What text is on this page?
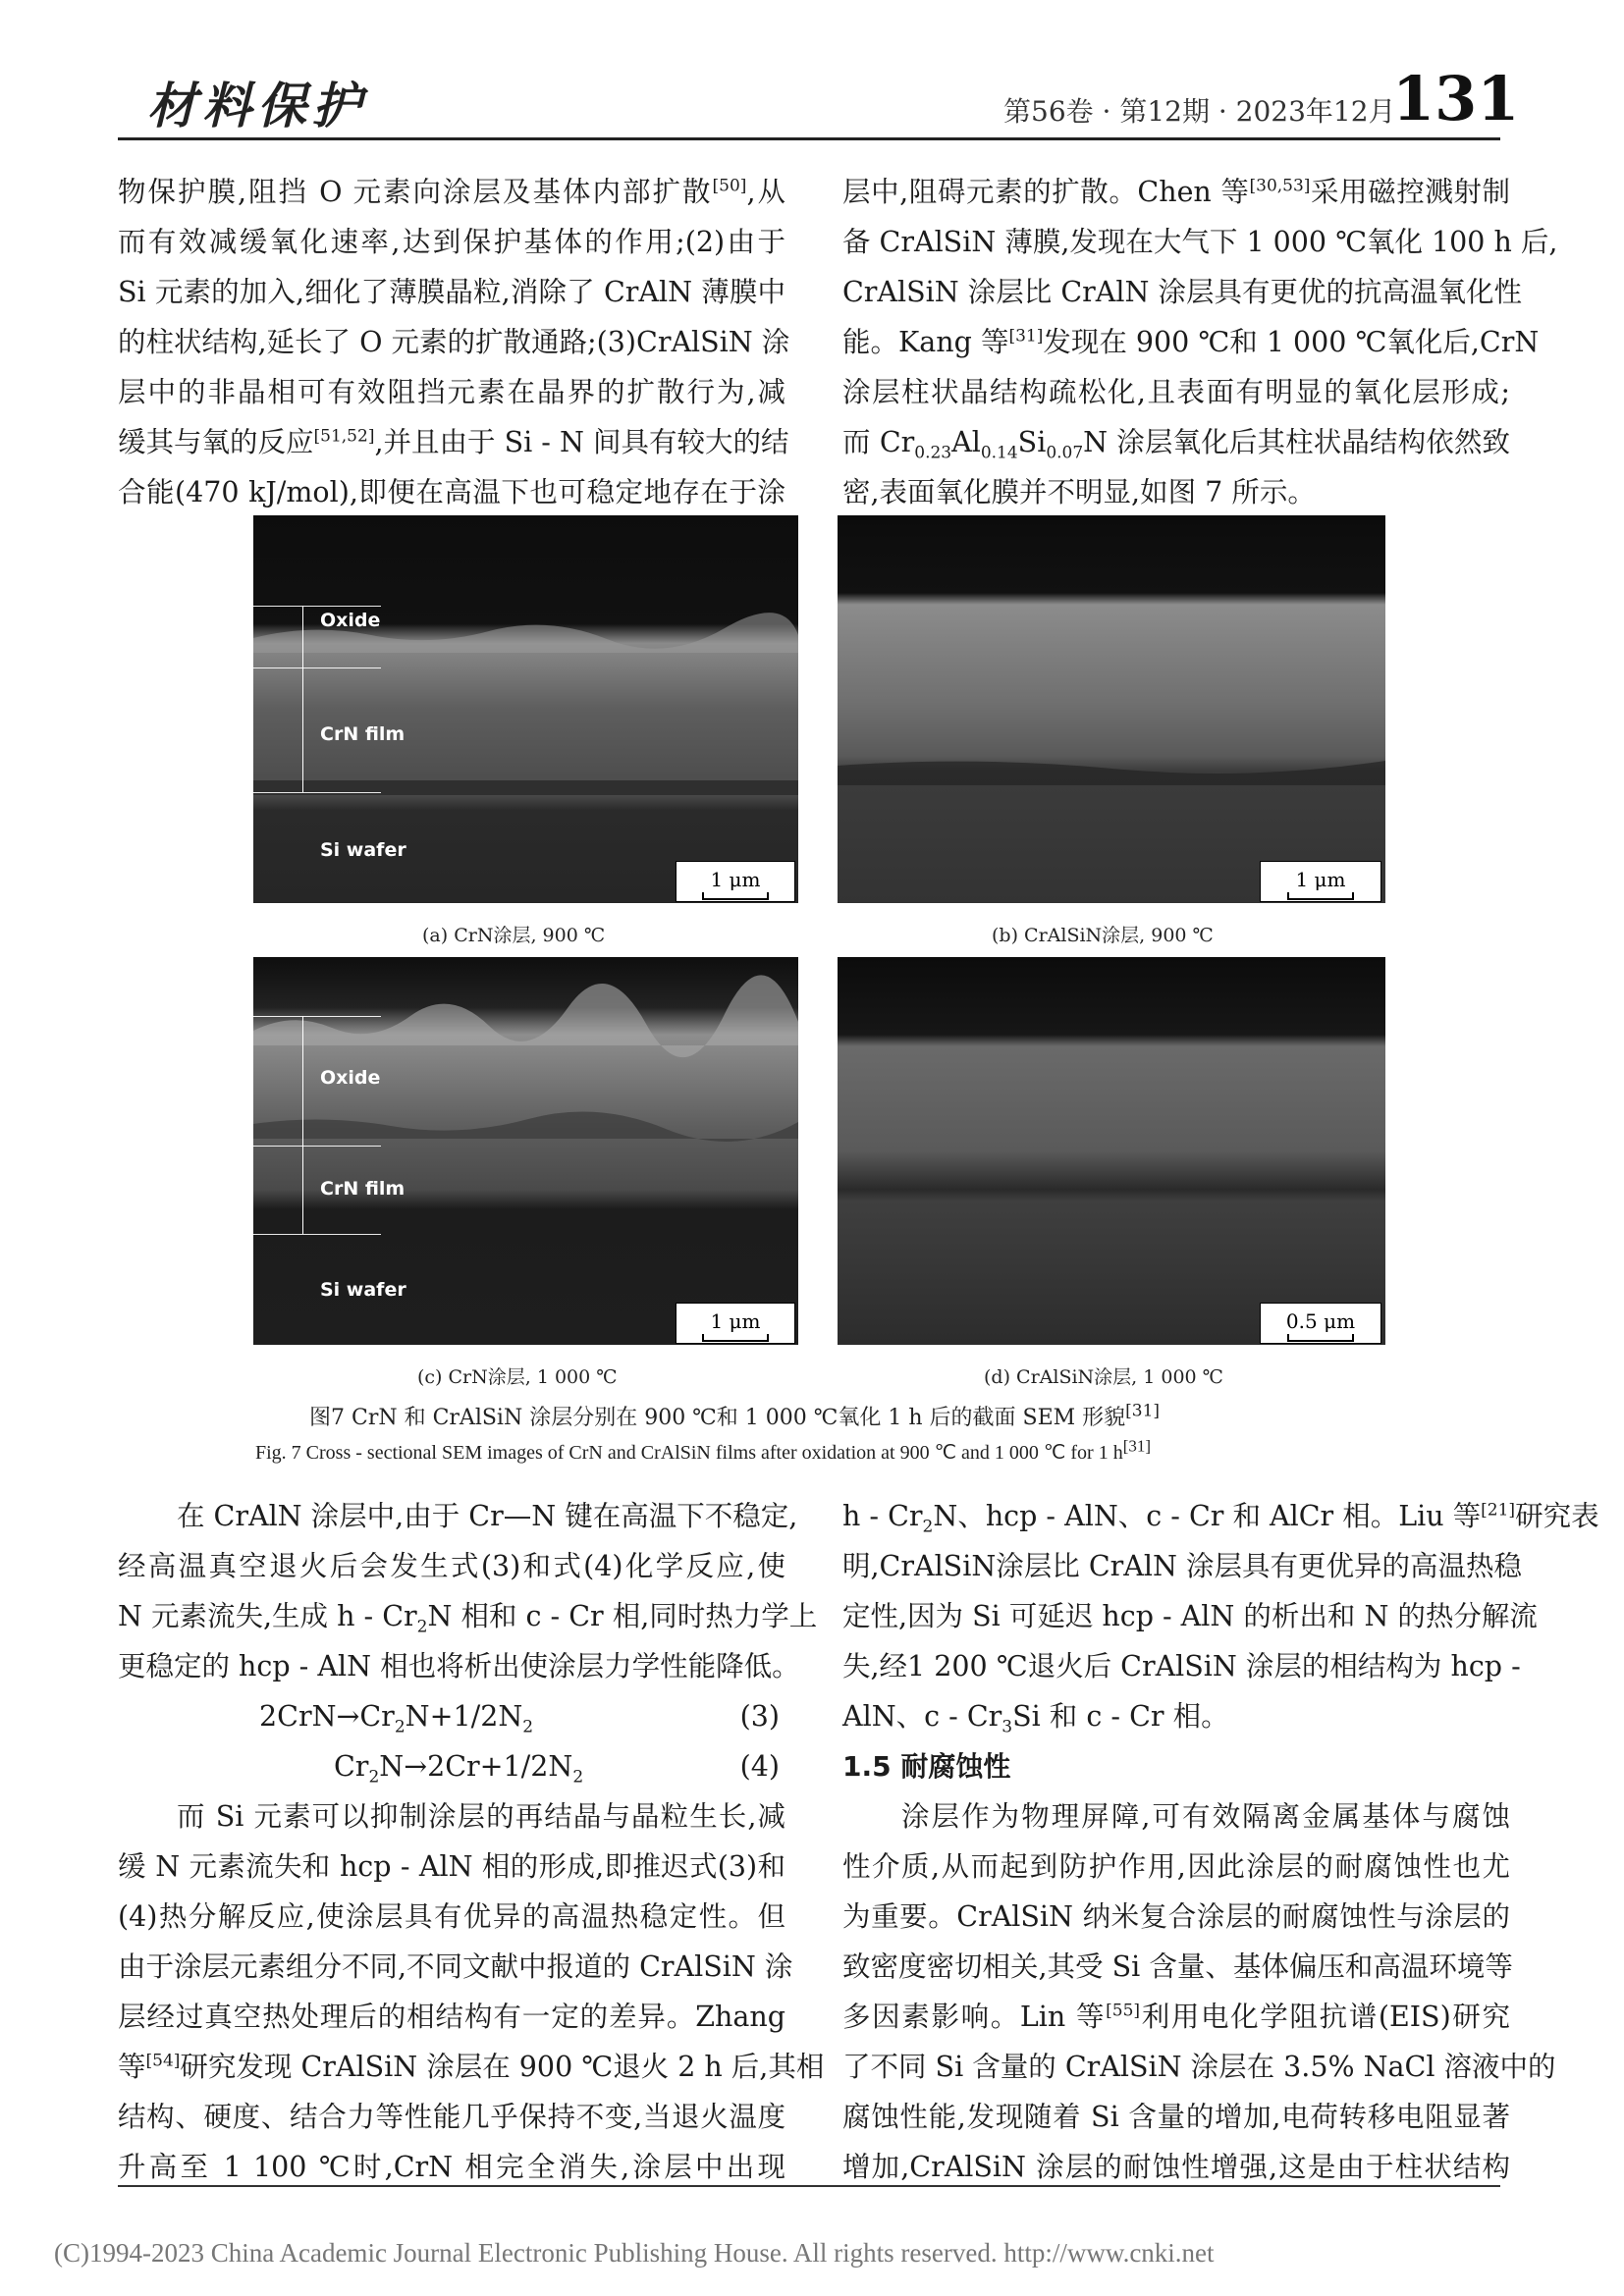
材料保护	第56卷 · 第12期 · 2023年12月
131
物保护膜,阻挡 O 元素向涂层及基体内部扩散[50],从
而有效减缓氧化速率,达到保护基体的作用;(2)由于
Si 元素的加入,细化了薄膜晶粒,消除了 CrAlN 薄膜中
的柱状结构,延长了 O 元素的扩散通路;(3)CrAlSiN 涂
层中的非晶相可有效阻挡元素在晶界的扩散行为,减
缓其与氧的反应[51,52],并且由于 Si - N 间具有较大的结
合能(470 kJ/mol),即便在高温下也可稳定地存在于涂
层中,阻碍元素的扩散。Chen 等[30,53]采用磁控溅射制
备 CrAlSiN 薄膜,发现在大气下 1 000 ℃氧化 100 h 后,
CrAlSiN 涂层比 CrAlN 涂层具有更优的抗高温氧化性
能。Kang 等[31]发现在 900 ℃和 1 000 ℃氧化后,CrN
涂层柱状晶结构疏松化,且表面有明显的氧化层形成;
而 $Cr_{0.23}Al_{0.14}Si_{0.07}N$ 涂层氧化后其柱状晶结构依然致
密,表面氧化膜并不明显,如图 7 所示。
Oxide
CrN film
Si wafer
1 μm
(a) CrN涂层, 900 ℃
1 μm
(b) CrAlSiN涂层, 900 ℃
Oxide
CrN film
Si wafer
1 μm
(c) CrN涂层, 1 000 ℃
0.5 μm
(d) CrAlSiN涂层, 1 000 ℃
图7 CrN 和 CrAlSiN 涂层分别在 900 ℃和 1 000 ℃氧化 1 h 后的截面 SEM 形貌[31]
Fig. 7 Cross - sectional SEM images of CrN and CrAlSiN films after oxidation at 900 ℃ and 1 000 ℃ for 1 h[31]
在 CrAlN 涂层中,由于 Cr—N 键在高温下不稳定,
经高温真空退火后会发生式(3)和式(4)化学反应,使
N 元素流失,生成 h - $Cr_2N$ 相和 c - Cr 相,同时热力学上
更稳定的 hcp - AlN 相也将析出使涂层力学性能降低。
$2CrN\to Cr_2N+1/2N_2$	(3)
$Cr_2N\to 2Cr+1/2N_2$	(4)
而 Si 元素可以抑制涂层的再结晶与晶粒生长,减
缓 N 元素流失和 hcp - AlN 相的形成,即推迟式(3)和
(4)热分解反应,使涂层具有优异的高温热稳定性。但
由于涂层元素组分不同,不同文献中报道的 CrAlSiN 涂
层经过真空热处理后的相结构有一定的差异。Zhang
等[54]研究发现 CrAlSiN 涂层在 900 ℃退火 2 h 后,其相
结构、硬度、结合力等性能几乎保持不变,当退火温度
升高至 1 100 ℃时,CrN 相完全消失,涂层中出现
h - $Cr_2N$、hcp - AlN、c - Cr 和 AlCr 相。Liu 等[21]研究表
明,CrAlSiN涂层比 CrAlN 涂层具有更优异的高温热稳
定性,因为 Si 可延迟 hcp - AlN 的析出和 N 的热分解流
失,经1 200 ℃退火后 CrAlSiN 涂层的相结构为 hcp -
AlN、c - $Cr_3Si$ 和 c - Cr 相。
1.5 耐腐蚀性
涂层作为物理屏障,可有效隔离金属基体与腐蚀
性介质,从而起到防护作用,因此涂层的耐腐蚀性也尤
为重要。CrAlSiN 纳米复合涂层的耐腐蚀性与涂层的
致密度密切相关,其受 Si 含量、基体偏压和高温环境等
多因素影响。Lin 等[55]利用电化学阻抗谱(EIS)研究
了不同 Si 含量的 CrAlSiN 涂层在 3.5% NaCl 溶液中的
腐蚀性能,发现随着 Si 含量的增加,电荷转移电阻显著
增加,CrAlSiN 涂层的耐蚀性增强,这是由于柱状结构
(C)1994-2023 China Academic Journal Electronic Publishing House. All rights reserved. http://www.cnki.net
